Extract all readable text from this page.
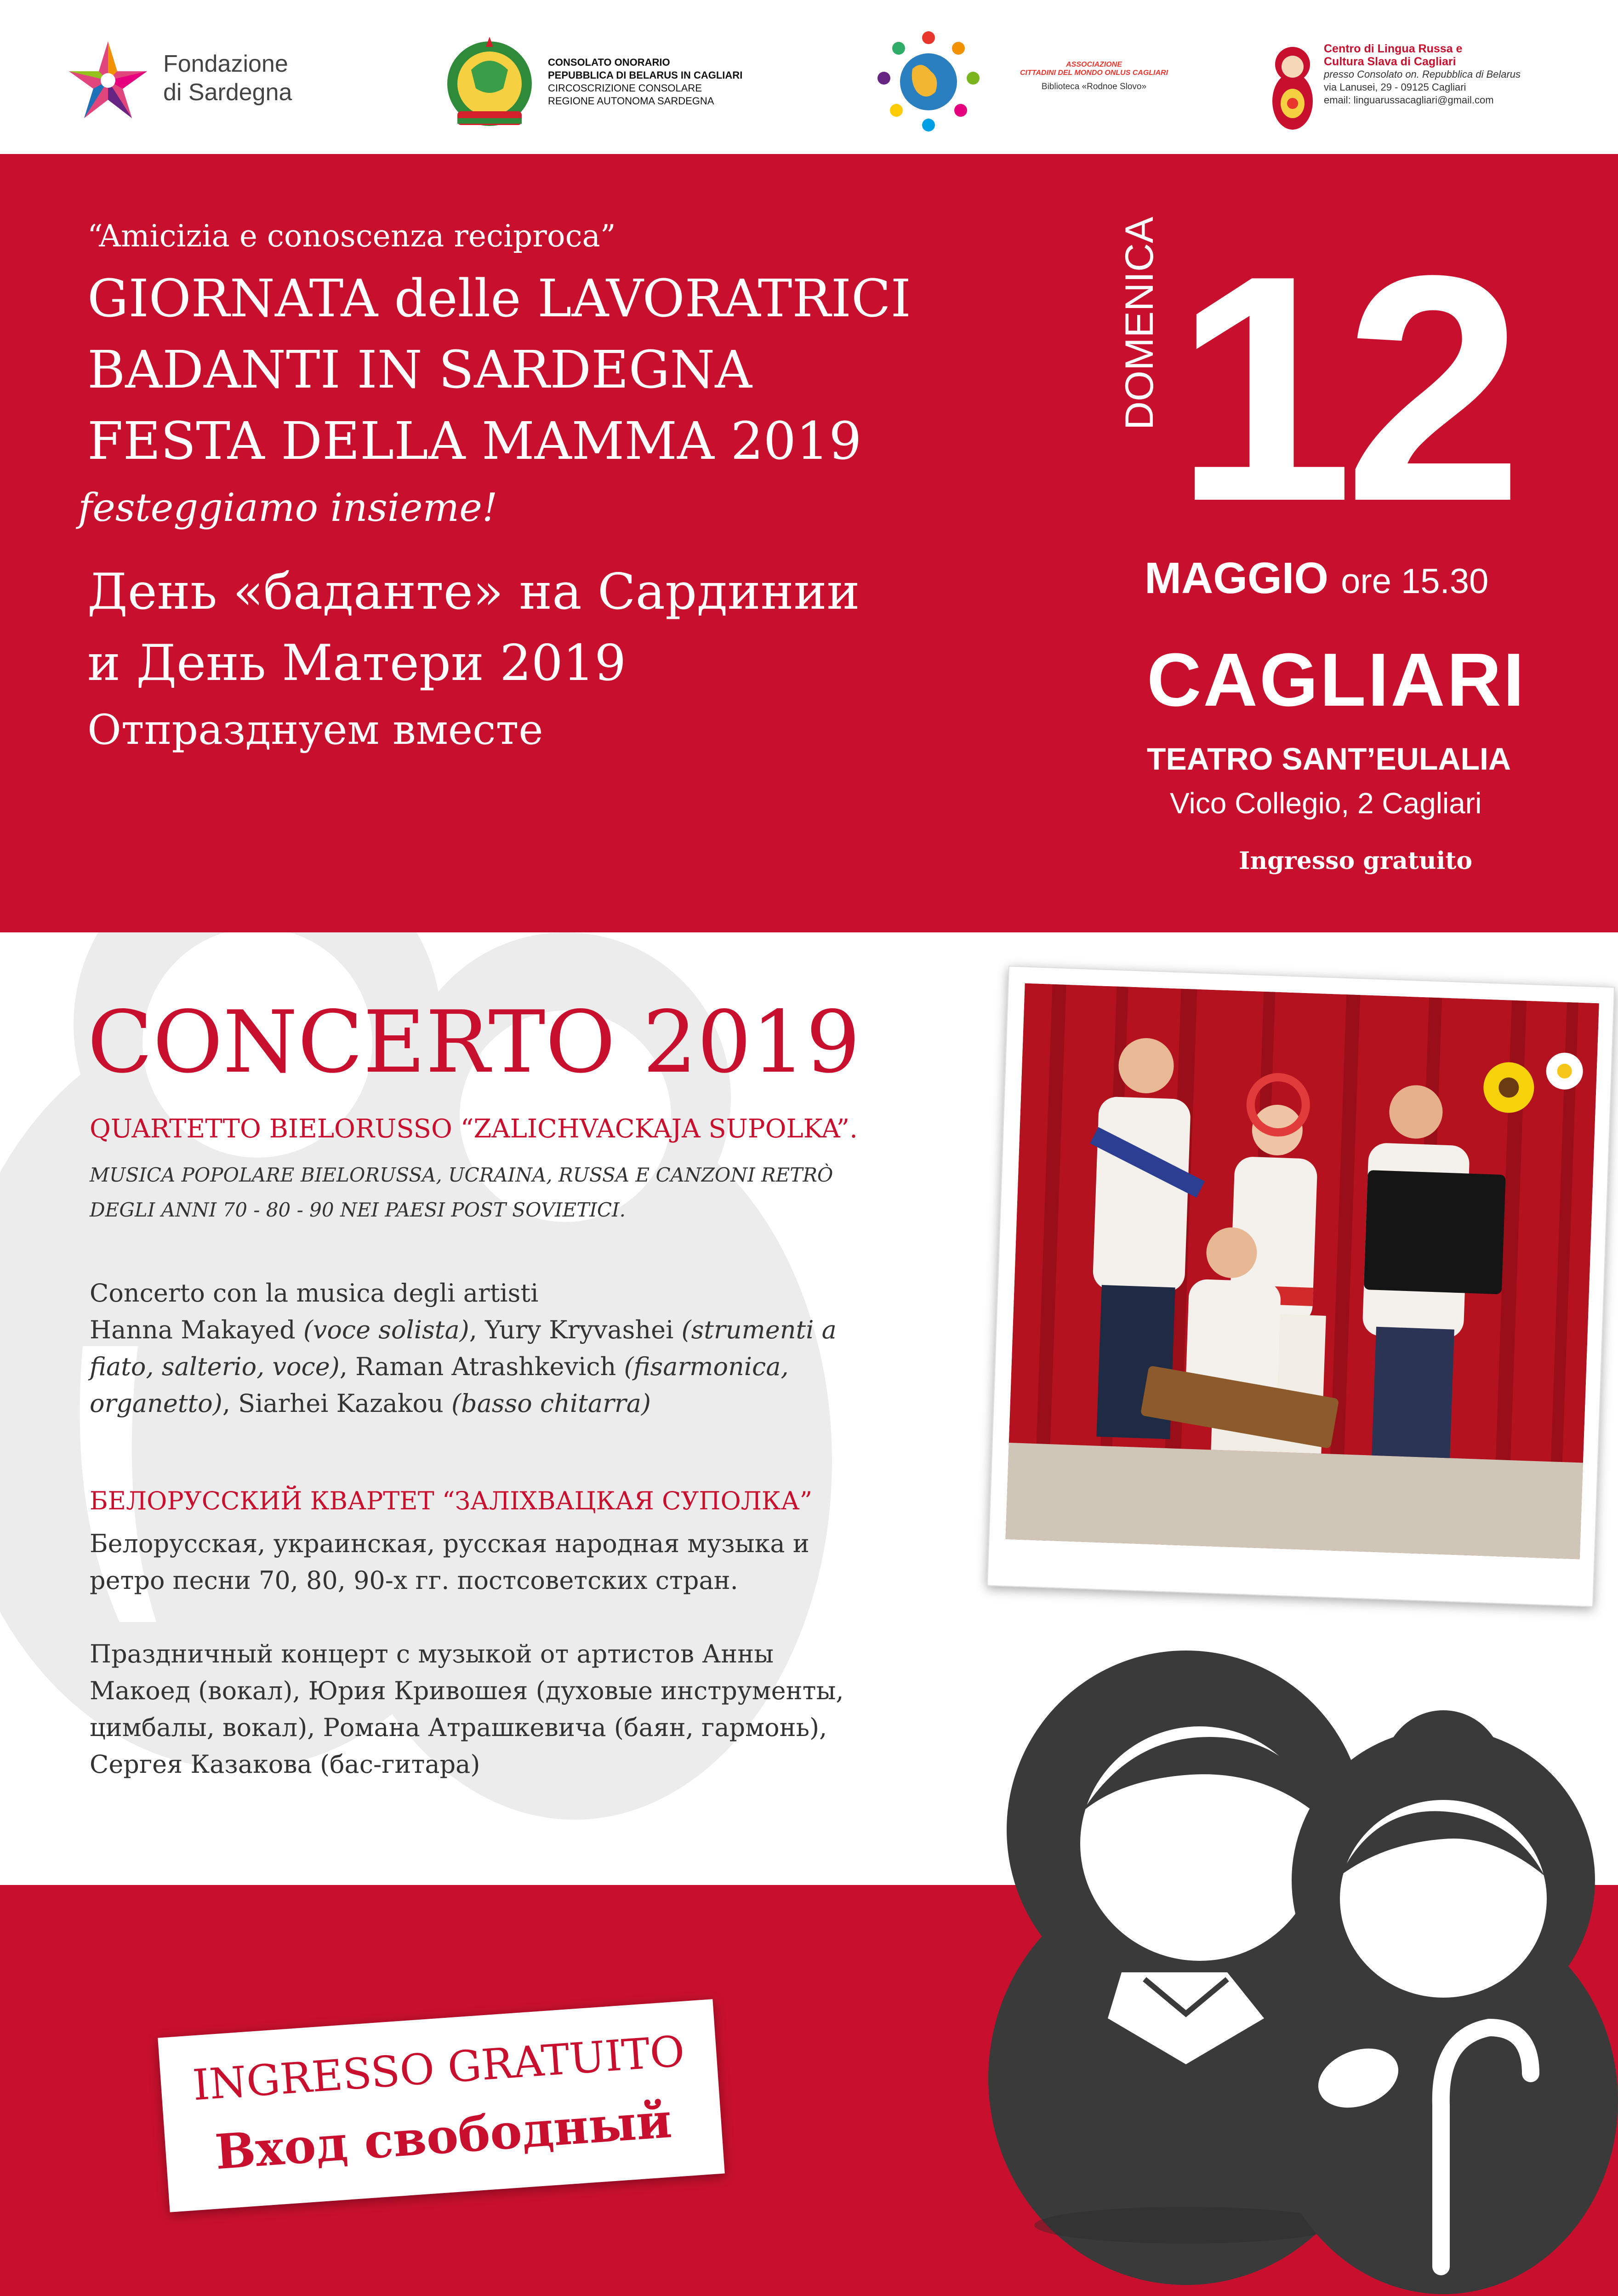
Fondazione
di Sardegna
CONSOLATO ONORARIO
PEPUBBLICA DI BELARUS IN CAGLIARI
CIRCOSCRIZIONE CONSOLARE
REGIONE AUTONOMA SARDEGNA
ASSOCIAZIONE
CITTADINI DEL MONDO ONLUS CAGLIARI
Biblioteca «Rodnoe Slovo»
Centro di Lingua Russa e
Cultura Slava di Cagliari
presso Consolato on. Repubblica di Belarus
via Lanusei, 29 - 09125 Cagliari
email: linguarussacagliari@gmail.com
“Amicizia e conoscenza reciproca”
GIORNATA delle LAVORATRICI
BADANTI IN SARDEGNA
FESTA DELLA MAMMA 2019
festeggiamo insieme!
День «баданте» на Сардинии
и День Матери 2019
Отпразднуем вместе
DOMENICA 12
MAGGIO ore 15.30
CAGLIARI
TEATRO SANT’EULALIA
Vico Collegio, 2 Cagliari
Ingresso gratuito
CONCERTO 2019
QUARTETTO BIELORUSSO “ZALICHVACKAJA SUPOLKA”.
MUSICA POPOLARE BIELORUSSA, UCRAINA, RUSSA E CANZONI RETRÒ
DEGLI ANNI 70 - 80 - 90 NEI PAESI POST SOVIETICI.
Concerto con la musica degli artisti
Hanna Makayed (voce solista), Yury Kryvashei (strumenti a
fiato, salterio, voce), Raman Atrashkevich (fisarmonica,
organetto), Siarhei Kazakou (basso chitarra)
БЕЛОРУССКИЙ КВАРТЕТ “ЗАЛІХВАЦКАЯ СУПОЛКА”
Белорусская, украинская, русская народная музыка и
ретро песни 70, 80, 90-х гг. постсоветских стран.
Праздничный концерт с музыкой от артистов Анны
Макоед (вокал), Юрия Кривошея (духовые инструменты,
цимбалы, вокал), Романа Атрашкевича (баян, гармонь),
Сергея Казакова (бас-гитара)
INGRESSO GRATUITO
Вход свободный
